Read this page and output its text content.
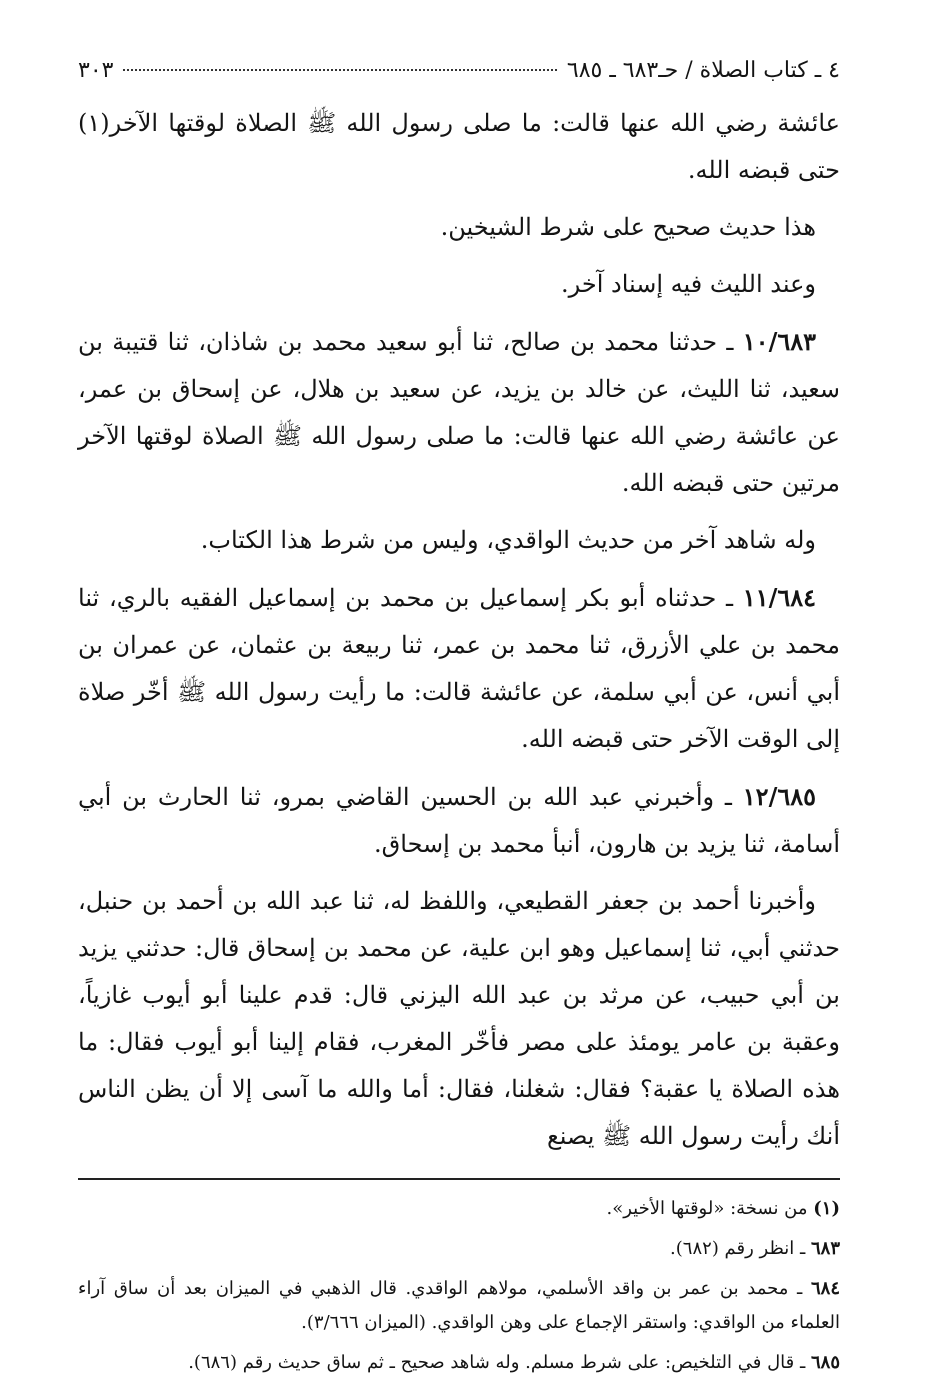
٤ ـ كتاب الصلاة / حـ٦٨٣ ـ ٦٨٥
٣٠٣

عائشة رضي الله عنها قالت: ما صلى رسول الله ﷺ الصلاة لوقتها الآخر(١) حتى قبضه الله.

هذا حديث صحيح على شرط الشيخين.

وعند الليث فيه إسناد آخر.

١٠/٦٨٣ ـ حدثنا محمد بن صالح، ثنا أبو سعيد محمد بن شاذان، ثنا قتيبة بن سعيد، ثنا الليث، عن خالد بن يزيد، عن سعيد بن هلال، عن إسحاق بن عمر، عن عائشة رضي الله عنها قالت: ما صلى رسول الله ﷺ الصلاة لوقتها الآخر مرتين حتى قبضه الله.

وله شاهد آخر من حديث الواقدي، وليس من شرط هذا الكتاب.

١١/٦٨٤ ـ حدثناه أبو بكر إسماعيل بن محمد بن إسماعيل الفقيه بالري، ثنا محمد بن علي الأزرق، ثنا محمد بن عمر، ثنا ربيعة بن عثمان، عن عمران بن أبي أنس، عن أبي سلمة، عن عائشة قالت: ما رأيت رسول الله ﷺ أخّر صلاة إلى الوقت الآخر حتى قبضه الله.

١٢/٦٨٥ ـ وأخبرني عبد الله بن الحسين القاضي بمرو، ثنا الحارث بن أبي أسامة، ثنا يزيد بن هارون، أنبأ محمد بن إسحاق.

وأخبرنا أحمد بن جعفر القطيعي، واللفظ له، ثنا عبد الله بن أحمد بن حنبل، حدثني أبي، ثنا إسماعيل وهو ابن علية، عن محمد بن إسحاق قال: حدثني يزيد بن أبي حبيب، عن مرثد بن عبد الله اليزني قال: قدم علينا أبو أيوب غازياً، وعقبة بن عامر يومئذ على مصر فأخّر المغرب، فقام إلينا أبو أيوب فقال: ما هذه الصلاة يا عقبة؟ فقال: شغلنا، فقال: أما والله ما آسى إلا أن يظن الناس أنك رأيت رسول الله ﷺ يصنع

(١) من نسخة: «لوقتها الأخير».

٦٨٣ ـ انظر رقم (٦٨٢).

٦٨٤ ـ محمد بن عمر بن واقد الأسلمي، مولاهم الواقدي. قال الذهبي في الميزان بعد أن ساق آراء العلماء من الواقدي: واستقر الإجماع على وهن الواقدي. (الميزان ٣/٦٦٦).

٦٨٥ ـ قال في التلخيص: على شرط مسلم. وله شاهد صحيح ـ ثم ساق حديث رقم (٦٨٦).
